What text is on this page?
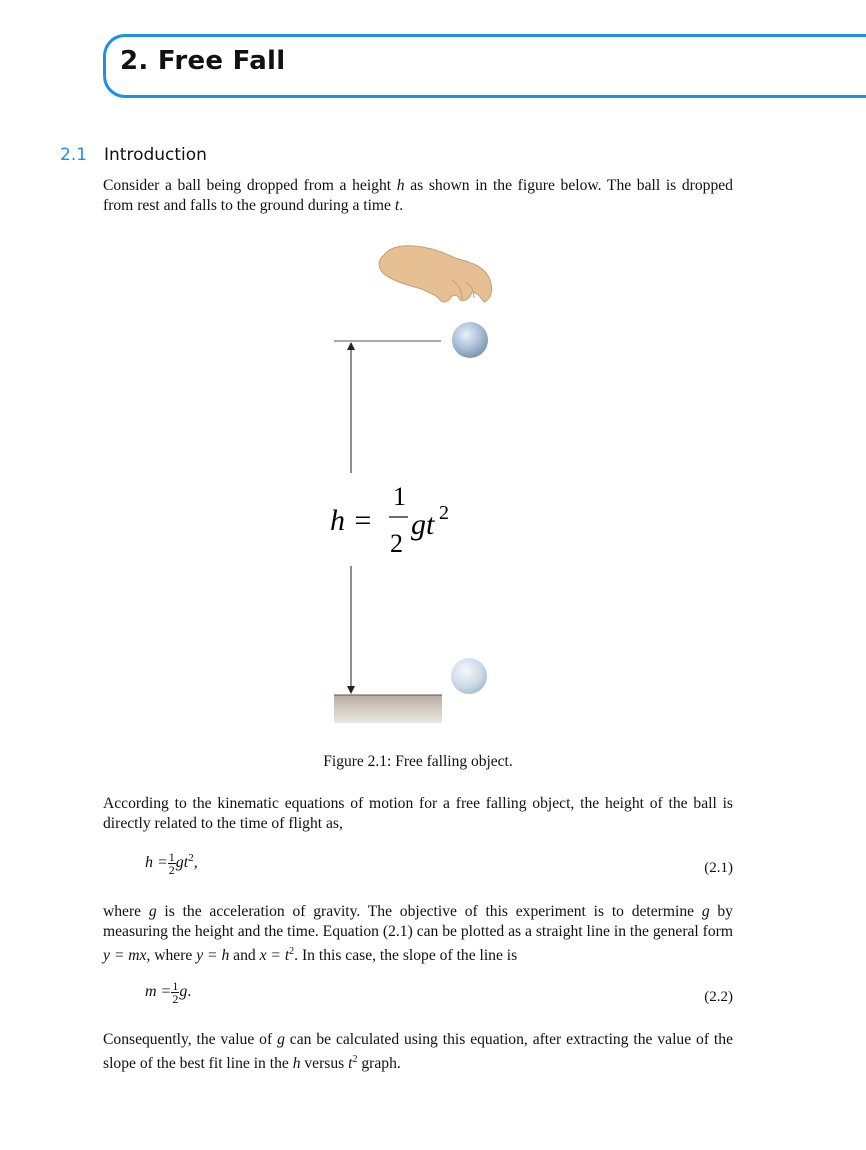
2. Free Fall
2.1 Introduction

Consider a ball being dropped from a height h as shown in the figure below. The ball is dropped from rest and falls to the ground during a time t.

h =
1
2
gt 2
Figure 2.1: Free falling object.

According to the kinematic equations of motion for a free falling object, the height of the ball is directly related to the time of flight as,

$h = \frac{1}{2} gt^2$,	(2.1)

where g is the acceleration of gravity. The objective of this experiment is to determine g by measuring the height and the time. Equation (2.1) can be plotted as a straight line in the general form y = mx, where y = h and $x = t^2$. In this case, the slope of the line is

$m = \frac{1}{2} g$.	(2.2)

Consequently, the value of g can be calculated using this equation, after extracting the value of the slope of the best fit line in the h versus $t^2$ graph.
